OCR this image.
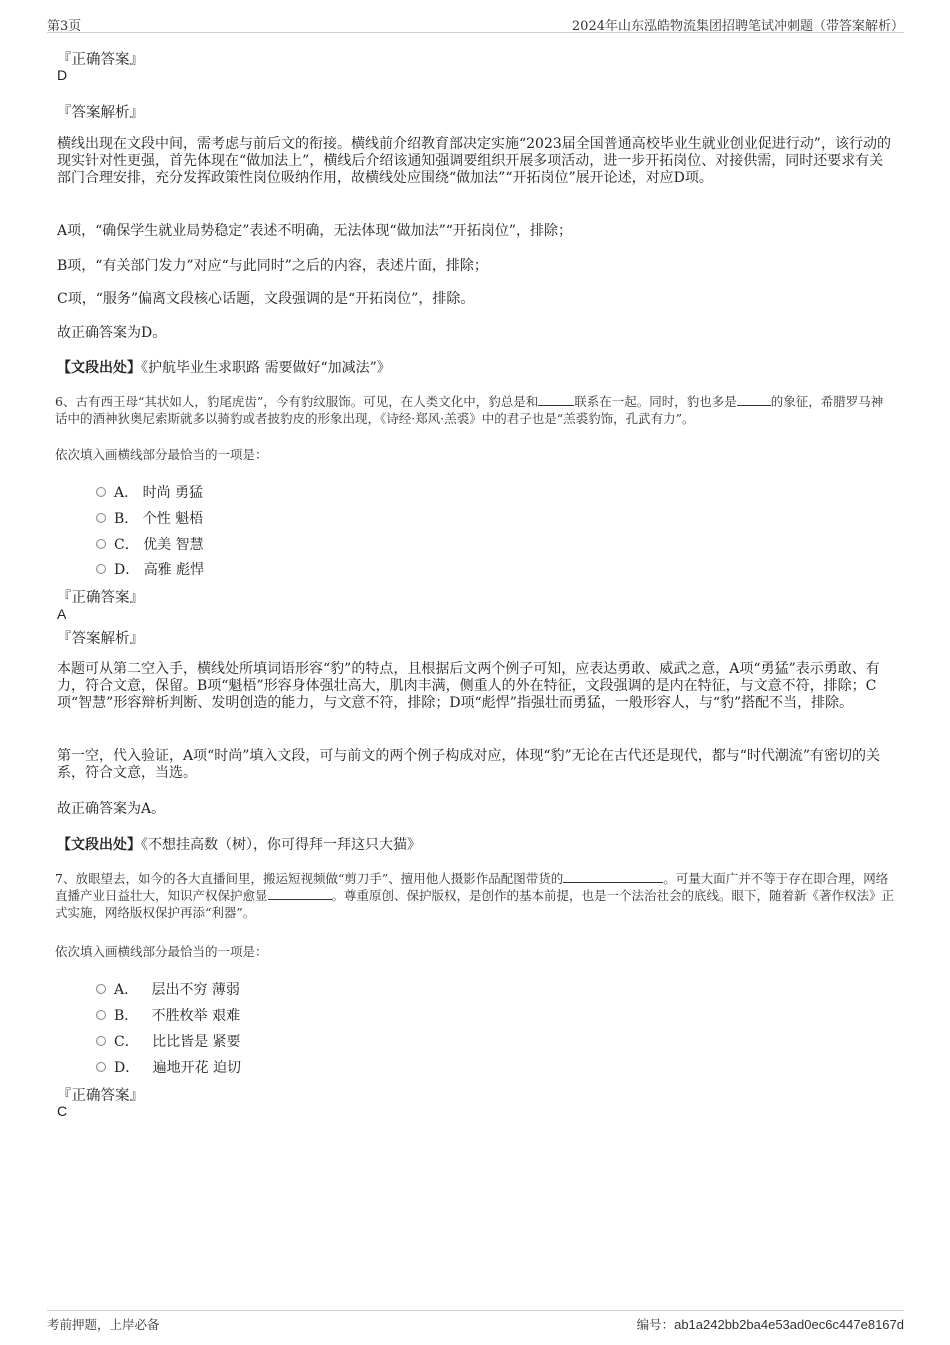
第3页	2024年山东泓皓物流集团招聘笔试冲刺题（带答案解析）
『正确答案』
D
『答案解析』
横线出现在文段中间，需考虑与前后文的衔接。横线前介绍教育部决定实施“2023届全国普通高校毕业生就业创业促进行动”，该行动的现实针对性更强，首先体现在“做加法上”，横线后介绍该通知强调要组织开展多项活动，进一步开拓岗位、对接供需，同时还要求有关部门合理安排，充分发挥政策性岗位吸纳作用，故横线处应围绕“做加法”“开拓岗位”展开论述，对应D项。
A项，“确保学生就业局势稳定”表述不明确，无法体现“做加法”“开拓岗位”，排除；
B项，“有关部门发力”对应“与此同时”之后的内容，表述片面，排除；
C项，“服务”偏离文段核心话题，文段强调的是“开拓岗位”，排除。
故正确答案为D。
【文段出处】《护航毕业生求职路 需要做好“加减法”》
6、古有西王母“其状如人，豹尾虎齿”，今有豹纹服饰。可见，在人类文化中，豹总是和	联系在一起。同时，豹也多是	的象征，希腊罗马神话中的酒神狄奥尼索斯就多以骑豹或者披豹皮的形象出现，《诗经·郑风·羔裘》中的君子也是“羔裘豹饰，孔武有力”。
依次填入画横线部分最恰当的一项是：
A． 时尚 勇猛
B． 个性 魁梧
C． 优美 智慧
D． 高雅 彪悍
『正确答案』
A
『答案解析』
本题可从第二空入手，横线处所填词语形容“豹”的特点，且根据后文两个例子可知，应表达勇敢、威武之意，A项“勇猛”表示勇敢、有力，符合文意，保留。B项“魁梧”形容身体强壮高大，肌肉丰满，侧重人的外在特征，文段强调的是内在特征，与文意不符，排除；C项“智慧”形容辩析判断、发明创造的能力，与文意不符，排除；D项“彪悍”指强壮而勇猛，一般形容人，与“豹”搭配不当，排除。
第一空，代入验证，A项“时尚”填入文段，可与前文的两个例子构成对应，体现“豹”无论在古代还是现代，都与“时代潮流”有密切的关系，符合文意，当选。
故正确答案为A。
【文段出处】《不想挂高数（树），你可得拜一拜这只大猫》
7、放眼望去，如今的各大直播间里，搬运短视频做“剪刀手”、擅用他人摄影作品配图带货的	。可量大面广并不等于存在即合理，网络直播产业日益壮大，知识产权保护愈显	。尊重原创、保护版权，是创作的基本前提，也是一个法治社会的底线。眼下，随着新《著作权法》正式实施，网络版权保护再添“利器”。
依次填入画横线部分最恰当的一项是：
A． 层出不穷 薄弱
B． 不胜枚举 艰难
C． 比比皆是 紧要
D． 遍地开花 迫切
『正确答案』
C
考前押题，上岸必备	编号：ab1a242bb2ba4e53ad0ec6c447e8167d
